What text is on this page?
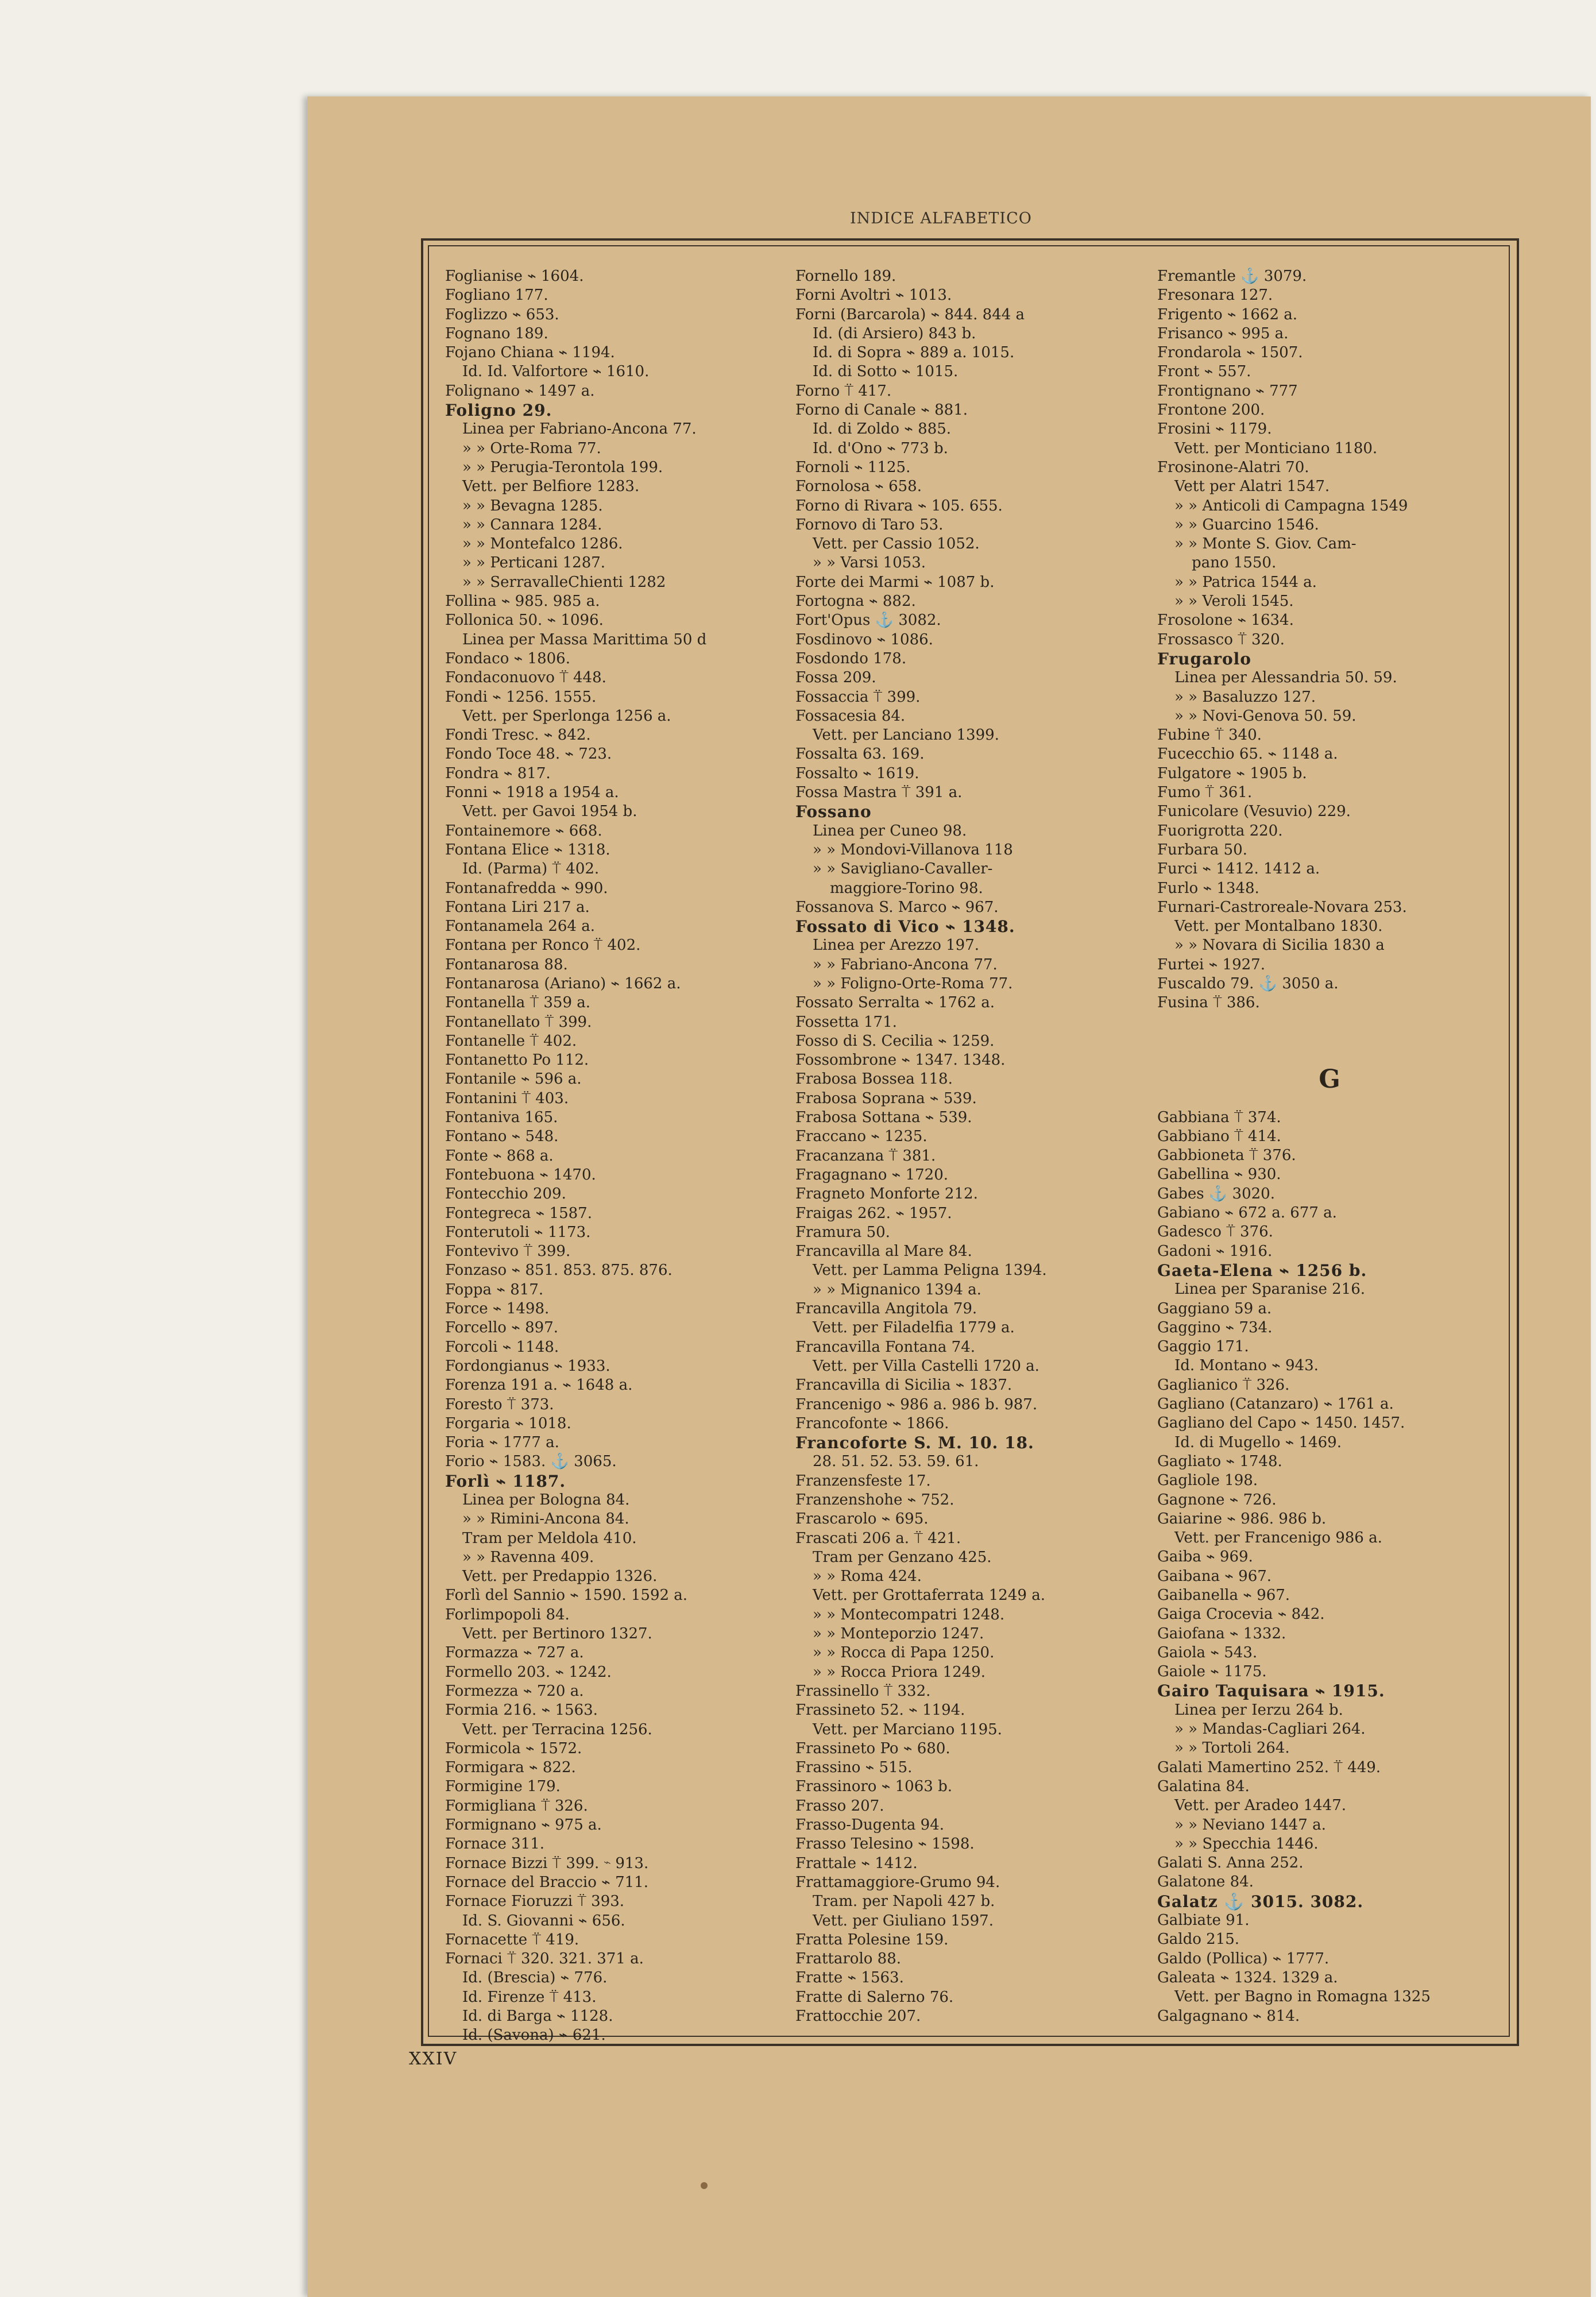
INDICE ALFABETICO
Foglianise ⌁ 1604.
Fogliano 177.
Foglizzo ⌁ 653.
Fognano 189.
Fojano Chiana ⌁ 1194.
Id. Id. Valfortore ⌁ 1610.
Folignano ⌁ 1497 a.
Foligno 29.
Linea per Fabriano-Ancona 77.
» » Orte-Roma 77.
» » Perugia-Terontola 199.
Vett. per Belfiore 1283.
» » Bevagna 1285.
» » Cannara 1284.
» » Montefalco 1286.
» » Perticani 1287.
» » SerravalleChienti 1282
Follina ⌁ 985. 985 a.
Follonica 50. ⌁ 1096.
Linea per Massa Marittima 50 d
Fondaco ⌁ 1806.
Fondaconuovo ⍡ 448.
Fondi ⌁ 1256. 1555.
Vett. per Sperlonga 1256 a.
Fondi Tresc. ⌁ 842.
Fondo Toce 48. ⌁ 723.
Fondra ⌁ 817.
Fonni ⌁ 1918 a 1954 a.
Vett. per Gavoi 1954 b.
Fontainemore ⌁ 668.
Fontana Elice ⌁ 1318.
Id. (Parma) ⍡ 402.
Fontanafredda ⌁ 990.
Fontana Liri 217 a.
Fontanamela 264 a.
Fontana per Ronco ⍡ 402.
Fontanarosa 88.
Fontanarosa (Ariano) ⌁ 1662 a.
Fontanella ⍡ 359 a.
Fontanellato ⍡ 399.
Fontanelle ⍡ 402.
Fontanetto Po 112.
Fontanile ⌁ 596 a.
Fontanini ⍡ 403.
Fontaniva 165.
Fontano ⌁ 548.
Fonte ⌁ 868 a.
Fontebuona ⌁ 1470.
Fontecchio 209.
Fontegreca ⌁ 1587.
Fonterutoli ⌁ 1173.
Fontevivo ⍡ 399.
Fonzaso ⌁ 851. 853. 875. 876.
Foppa ⌁ 817.
Force ⌁ 1498.
Forcello ⌁ 897.
Forcoli ⌁ 1148.
Fordongianus ⌁ 1933.
Forenza 191 a. ⌁ 1648 a.
Foresto ⍡ 373.
Forgaria ⌁ 1018.
Foria ⌁ 1777 a.
Forio ⌁ 1583. ⚓ 3065.
Forlì ⌁ 1187.
Linea per Bologna 84.
» » Rimini-Ancona 84.
Tram per Meldola 410.
» » Ravenna 409.
Vett. per Predappio 1326.
Forlì del Sannio ⌁ 1590. 1592 a.
Forlimpopoli 84.
Vett. per Bertinoro 1327.
Formazza ⌁ 727 a.
Formello 203. ⌁ 1242.
Formezza ⌁ 720 a.
Formia 216. ⌁ 1563.
Vett. per Terracina 1256.
Formicola ⌁ 1572.
Formigara ⌁ 822.
Formigine 179.
Formigliana ⍡ 326.
Formignano ⌁ 975 a.
Fornace 311.
Fornace Bizzi ⍡ 399. ⌁ 913.
Fornace del Braccio ⌁ 711.
Fornace Fioruzzi ⍡ 393.
Id. S. Giovanni ⌁ 656.
Fornacette ⍡ 419.
Fornaci ⍡ 320. 321. 371 a.
Id. (Brescia) ⌁ 776.
Id. Firenze ⍡ 413.
Id. di Barga ⌁ 1128.
Id. (Savona) ⌁ 621.
Fornello 189.
Forni Avoltri ⌁ 1013.
Forni (Barcarola) ⌁ 844. 844 a
Id. (di Arsiero) 843 b.
Id. di Sopra ⌁ 889 a. 1015.
Id. di Sotto ⌁ 1015.
Forno ⍡ 417.
Forno di Canale ⌁ 881.
Id. di Zoldo ⌁ 885.
Id. d'Ono ⌁ 773 b.
Fornoli ⌁ 1125.
Fornolosa ⌁ 658.
Forno di Rivara ⌁ 105. 655.
Fornovo di Taro 53.
Vett. per Cassio 1052.
» » Varsi 1053.
Forte dei Marmi ⌁ 1087 b.
Fortogna ⌁ 882.
Fort'Opus ⚓ 3082.
Fosdinovo ⌁ 1086.
Fosdondo 178.
Fossa 209.
Fossaccia ⍡ 399.
Fossacesia 84.
Vett. per Lanciano 1399.
Fossalta 63. 169.
Fossalto ⌁ 1619.
Fossa Mastra ⍡ 391 a.
Fossano
Linea per Cuneo 98.
» » Mondovi-Villanova 118
» » Savigliano-Cavaller-
maggiore-Torino 98.
Fossanova S. Marco ⌁ 967.
Fossato di Vico ⌁ 1348.
Linea per Arezzo 197.
» » Fabriano-Ancona 77.
» » Foligno-Orte-Roma 77.
Fossato Serralta ⌁ 1762 a.
Fossetta 171.
Fosso di S. Cecilia ⌁ 1259.
Fossombrone ⌁ 1347. 1348.
Frabosa Bossea 118.
Frabosa Soprana ⌁ 539.
Frabosa Sottana ⌁ 539.
Fraccano ⌁ 1235.
Fracanzana ⍡ 381.
Fragagnano ⌁ 1720.
Fragneto Monforte 212.
Fraigas 262. ⌁ 1957.
Framura 50.
Francavilla al Mare 84.
Vett. per Lamma Peligna 1394.
» » Mignanico 1394 a.
Francavilla Angitola 79.
Vett. per Filadelfia 1779 a.
Francavilla Fontana 74.
Vett. per Villa Castelli 1720 a.
Francavilla di Sicilia ⌁ 1837.
Francenigo ⌁ 986 a. 986 b. 987.
Francofonte ⌁ 1866.
Francoforte S. M. 10. 18.
28. 51. 52. 53. 59. 61.
Franzensfeste 17.
Franzenshohe ⌁ 752.
Frascarolo ⌁ 695.
Frascati 206 a. ⍡ 421.
Tram per Genzano 425.
» » Roma 424.
Vett. per Grottaferrata 1249 a.
» » Montecompatri 1248.
» » Monteporzio 1247.
» » Rocca di Papa 1250.
» » Rocca Priora 1249.
Frassinello ⍡ 332.
Frassineto 52. ⌁ 1194.
Vett. per Marciano 1195.
Frassineto Po ⌁ 680.
Frassino ⌁ 515.
Frassinoro ⌁ 1063 b.
Frasso 207.
Frasso-Dugenta 94.
Frasso Telesino ⌁ 1598.
Frattale ⌁ 1412.
Frattamaggiore-Grumo 94.
Tram. per Napoli 427 b.
Vett. per Giuliano 1597.
Fratta Polesine 159.
Frattarolo 88.
Fratte ⌁ 1563.
Fratte di Salerno 76.
Frattocchie 207.
Fremantle ⚓ 3079.
Fresonara 127.
Frigento ⌁ 1662 a.
Frisanco ⌁ 995 a.
Frondarola ⌁ 1507.
Front ⌁ 557.
Frontignano ⌁ 777
Frontone 200.
Frosini ⌁ 1179.
Vett. per Monticiano 1180.
Frosinone-Alatri 70.
Vett per Alatri 1547.
» » Anticoli di Campagna 1549
» » Guarcino 1546.
» » Monte S. Giov. Cam-
pano 1550.
» » Patrica 1544 a.
» » Veroli 1545.
Frosolone ⌁ 1634.
Frossasco ⍡ 320.
Frugarolo
Linea per Alessandria 50. 59.
» » Basaluzzo 127.
» » Novi-Genova 50. 59.
Fubine ⍡ 340.
Fucecchio 65. ⌁ 1148 a.
Fulgatore ⌁ 1905 b.
Fumo ⍡ 361.
Funicolare (Vesuvio) 229.
Fuorigrotta 220.
Furbara 50.
Furci ⌁ 1412. 1412 a.
Furlo ⌁ 1348.
Furnari-Castroreale-Novara 253.
Vett. per Montalbano 1830.
» » Novara di Sicilia 1830 a
Furtei ⌁ 1927.
Fuscaldo 79. ⚓ 3050 a.
Fusina ⍡ 386.
G
Gabbiana ⍡ 374.
Gabbiano ⍡ 414.
Gabbioneta ⍡ 376.
Gabellina ⌁ 930.
Gabes ⚓ 3020.
Gabiano ⌁ 672 a. 677 a.
Gadesco ⍡ 376.
Gadoni ⌁ 1916.
Gaeta-Elena ⌁ 1256 b.
Linea per Sparanise 216.
Gaggiano 59 a.
Gaggino ⌁ 734.
Gaggio 171.
Id. Montano ⌁ 943.
Gaglianico ⍡ 326.
Gagliano (Catanzaro) ⌁ 1761 a.
Gagliano del Capo ⌁ 1450. 1457.
Id. di Mugello ⌁ 1469.
Gagliato ⌁ 1748.
Gagliole 198.
Gagnone ⌁ 726.
Gaiarine ⌁ 986. 986 b.
Vett. per Francenigo 986 a.
Gaiba ⌁ 969.
Gaibana ⌁ 967.
Gaibanella ⌁ 967.
Gaiga Crocevia ⌁ 842.
Gaiofana ⌁ 1332.
Gaiola ⌁ 543.
Gaiole ⌁ 1175.
Gairo Taquisara ⌁ 1915.
Linea per Ierzu 264 b.
» » Mandas-Cagliari 264.
» » Tortoli 264.
Galati Mamertino 252. ⍡ 449.
Galatina 84.
Vett. per Aradeo 1447.
» » Neviano 1447 a.
» » Specchia 1446.
Galati S. Anna 252.
Galatone 84.
Galatz ⚓ 3015. 3082.
Galbiate 91.
Galdo 215.
Galdo (Pollica) ⌁ 1777.
Galeata ⌁ 1324. 1329 a.
Vett. per Bagno in Romagna 1325
Galgagnano ⌁ 814.
XXIV
